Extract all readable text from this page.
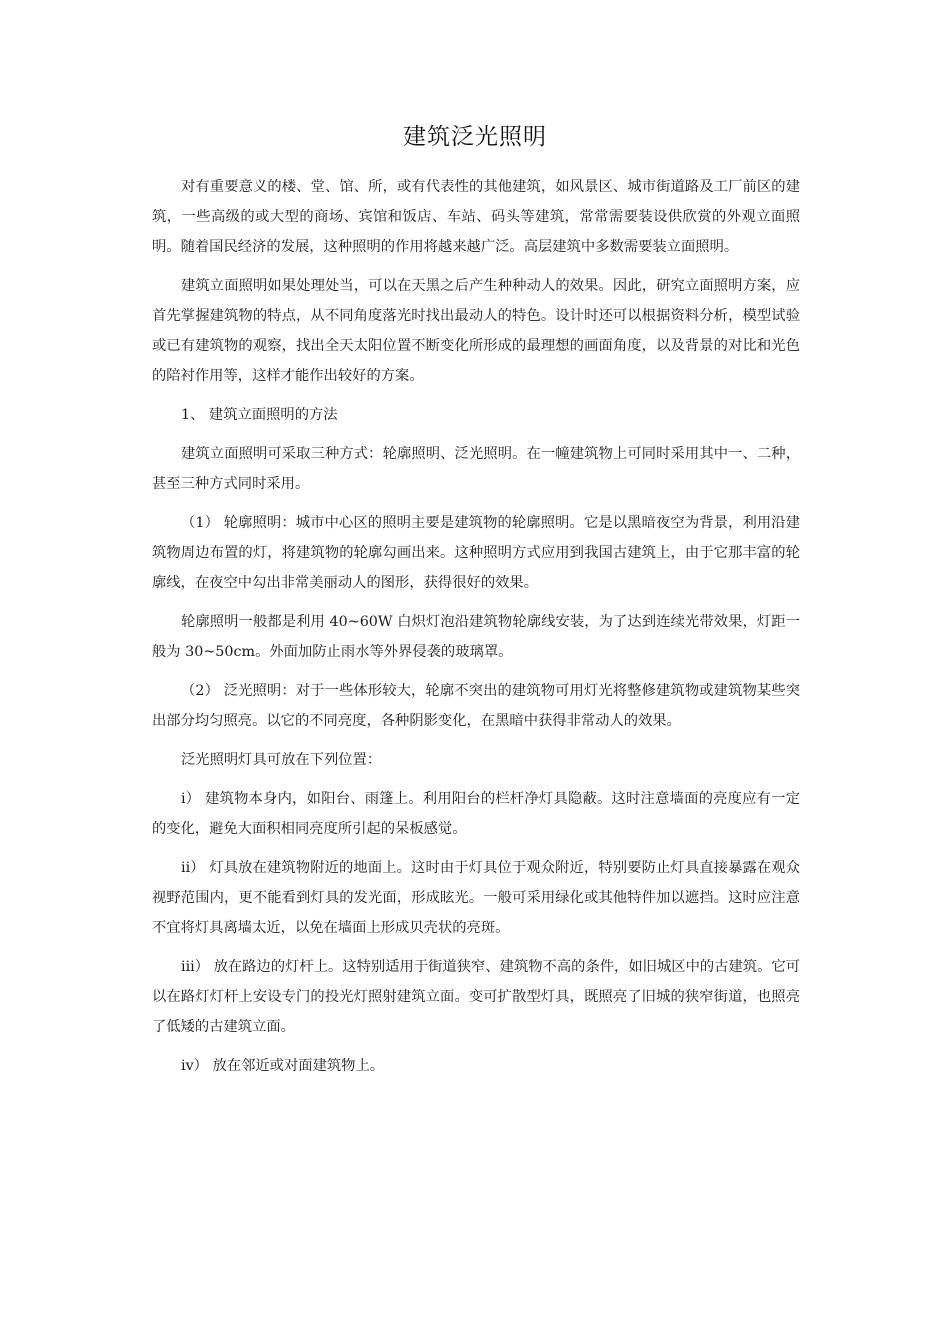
建筑泛光照明

对有重要意义的楼、堂、馆、所，或有代表性的其他建筑，如风景区、城市街道路及工厂前区的建筑，一些高级的或大型的商场、宾馆和饭店、车站、码头等建筑，常常需要装设供欣赏的外观立面照明。随着国民经济的发展，这种照明的作用将越来越广泛。高层建筑中多数需要装立面照明。

建筑立面照明如果处理处当，可以在天黑之后产生种种动人的效果。因此，研究立面照明方案，应首先掌握建筑物的特点，从不同角度落光时找出最动人的特色。设计时还可以根据资料分析，模型试验或已有建筑物的观察，找出全天太阳位置不断变化所形成的最理想的画面角度，以及背景的对比和光色的陪衬作用等，这样才能作出较好的方案。

1、 建筑立面照明的方法

建筑立面照明可采取三种方式：轮廓照明、泛光照明。在一幢建筑物上可同时采用其中一、二种，甚至三种方式同时采用。

（1） 轮廓照明：城市中心区的照明主要是建筑物的轮廓照明。它是以黑暗夜空为背景，利用沿建筑物周边布置的灯，将建筑物的轮廓勾画出来。这种照明方式应用到我国古建筑上，由于它那丰富的轮廓线，在夜空中勾出非常美丽动人的图形，获得很好的效果。

轮廓照明一般都是利用 40~60W 白炽灯泡沿建筑物轮廓线安装，为了达到连续光带效果，灯距一般为 30~50cm。外面加防止雨水等外界侵袭的玻璃罩。

（2） 泛光照明：对于一些体形较大，轮廓不突出的建筑物可用灯光将整修建筑物或建筑物某些突出部分均匀照亮。以它的不同亮度，各种阴影变化，在黑暗中获得非常动人的效果。

泛光照明灯具可放在下列位置：

i） 建筑物本身内，如阳台、雨篷上。利用阳台的栏杆净灯具隐蔽。这时注意墙面的亮度应有一定的变化，避免大面积相同亮度所引起的呆板感觉。

ii） 灯具放在建筑物附近的地面上。这时由于灯具位于观众附近，特别要防止灯具直接暴露在观众视野范围内，更不能看到灯具的发光面，形成眩光。一般可采用绿化或其他特件加以遮挡。这时应注意不宜将灯具离墙太近，以免在墙面上形成贝壳状的亮斑。

iii） 放在路边的灯杆上。这特别适用于街道狭窄、建筑物不高的条件，如旧城区中的古建筑。它可以在路灯灯杆上安设专门的投光灯照射建筑立面。变可扩散型灯具，既照亮了旧城的狭窄街道，也照亮了低矮的古建筑立面。

iv） 放在邻近或对面建筑物上。
